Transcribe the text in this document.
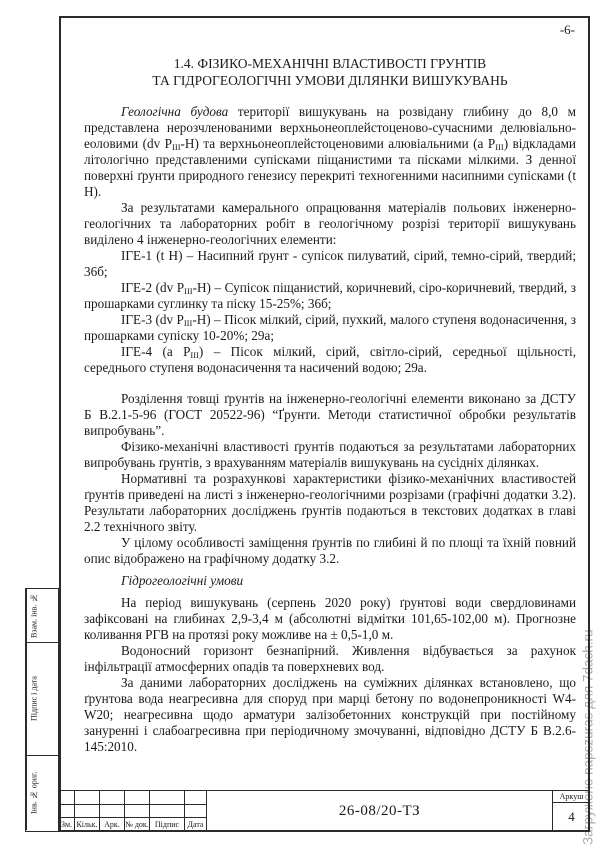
Загружено napszuras для 7dach.ru
-6-
1.4. ФІЗИКО-МЕХАНІЧНІ ВЛАСТИВОСТІ ГРУНТІВ
ТА ГІДРОГЕОЛОГІЧНІ УМОВИ ДІЛЯНКИ ВИШУКУВАНЬ

Геологічна будова території вишукувань на розвідану глибину до 8,0 м представлена нерозчленованими верхньонеоплейстоценово-сучасними делювіально-еоловими (dv $P_{III}-H$) та верхньонеоплейстоценовими алювіальними (a $P_{III}$) відкладами літологічно представленими супісками піщанистими та пісками мілкими. З денної поверхні ґрунти природного генезису перекриті техногенними насипними супісками (t H).

За результатами камерального опрацювання матеріалів польових інженерно-геологічних та лабораторних робіт в геологічному розрізі території вишукувань виділено 4 інженерно-геологічних елементи:

ІГЕ-1 (t H) – Насипний ґрунт - супісок пилуватий, сірий, темно-сірий, твердий; 36б;

ІГЕ-2 (dv $P_{III}-H$) – Супісок піщанистий, коричневий, сіро-коричневий, твердий, з прошарками суглинку та піску 15-25%; 36б;

ІГЕ-3 (dv $P_{III}-H$) – Пісок мілкий, сірий, пухкий, малого ступеня водонасичення, з прошарками супіску 10-20%; 29а;

ІГЕ-4 (a $P_{III}$) – Пісок мілкий, сірий, світло-сірий, середньої щільності, середнього ступеня водонасичення та насичений водою; 29а.

Розділення товщі ґрунтів на інженерно-геологічні елементи виконано за ДСТУ Б В.2.1-5-96 (ГОСТ 20522-96) “Ґрунти. Методи статистичної обробки результатів випробувань”.

Фізико-механічні властивості ґрунтів подаються за результатами лабораторних випробувань ґрунтів, з врахуванням матеріалів вишукувань на сусідніх ділянках.

Нормативні та розрахункові характеристики фізико-механічних властивостей ґрунтів приведені на листі з інженерно-геологічними розрізами (графічні додатки 3.2). Результати лабораторних досліджень ґрунтів подаються в текстових додатках в главі 2.2 технічного звіту.

У цілому особливості заміщення ґрунтів по глибині й по площі та їхній повний опис відображено на графічному додатку 3.2.

Гідрогеологічні умови

На період вишукувань (серпень 2020 року) ґрунтові води свердловинами зафіксовані на глибинах 2,9-3,4 м (абсолютні відмітки 101,65-102,00 м). Прогнозне коливання РГВ на протязі року можливе на ± 0,5-1,0 м.

Водоносний горизонт безнапірний. Живлення відбувається за рахунок інфільтрації атмосферних опадів та поверхневих вод.

За даними лабораторних досліджень на суміжних ділянках встановлено, що ґрунтова вода неагресивна для споруд при марці бетону по водонепроникності W4-W20; неагресивна щодо арматури залізобетонних конструкцій при постійному зануренні і слабоагресивна при періодичному змочуванні, відповідно ДСТУ Б В.2.6-145:2010.

Взам. інв. №
Підпис і дата
Інв. № ориг.
Зм. Кільк. Арк. № док. Підпис	Дата
26-08/20-ТЗ
Аркуш
4
